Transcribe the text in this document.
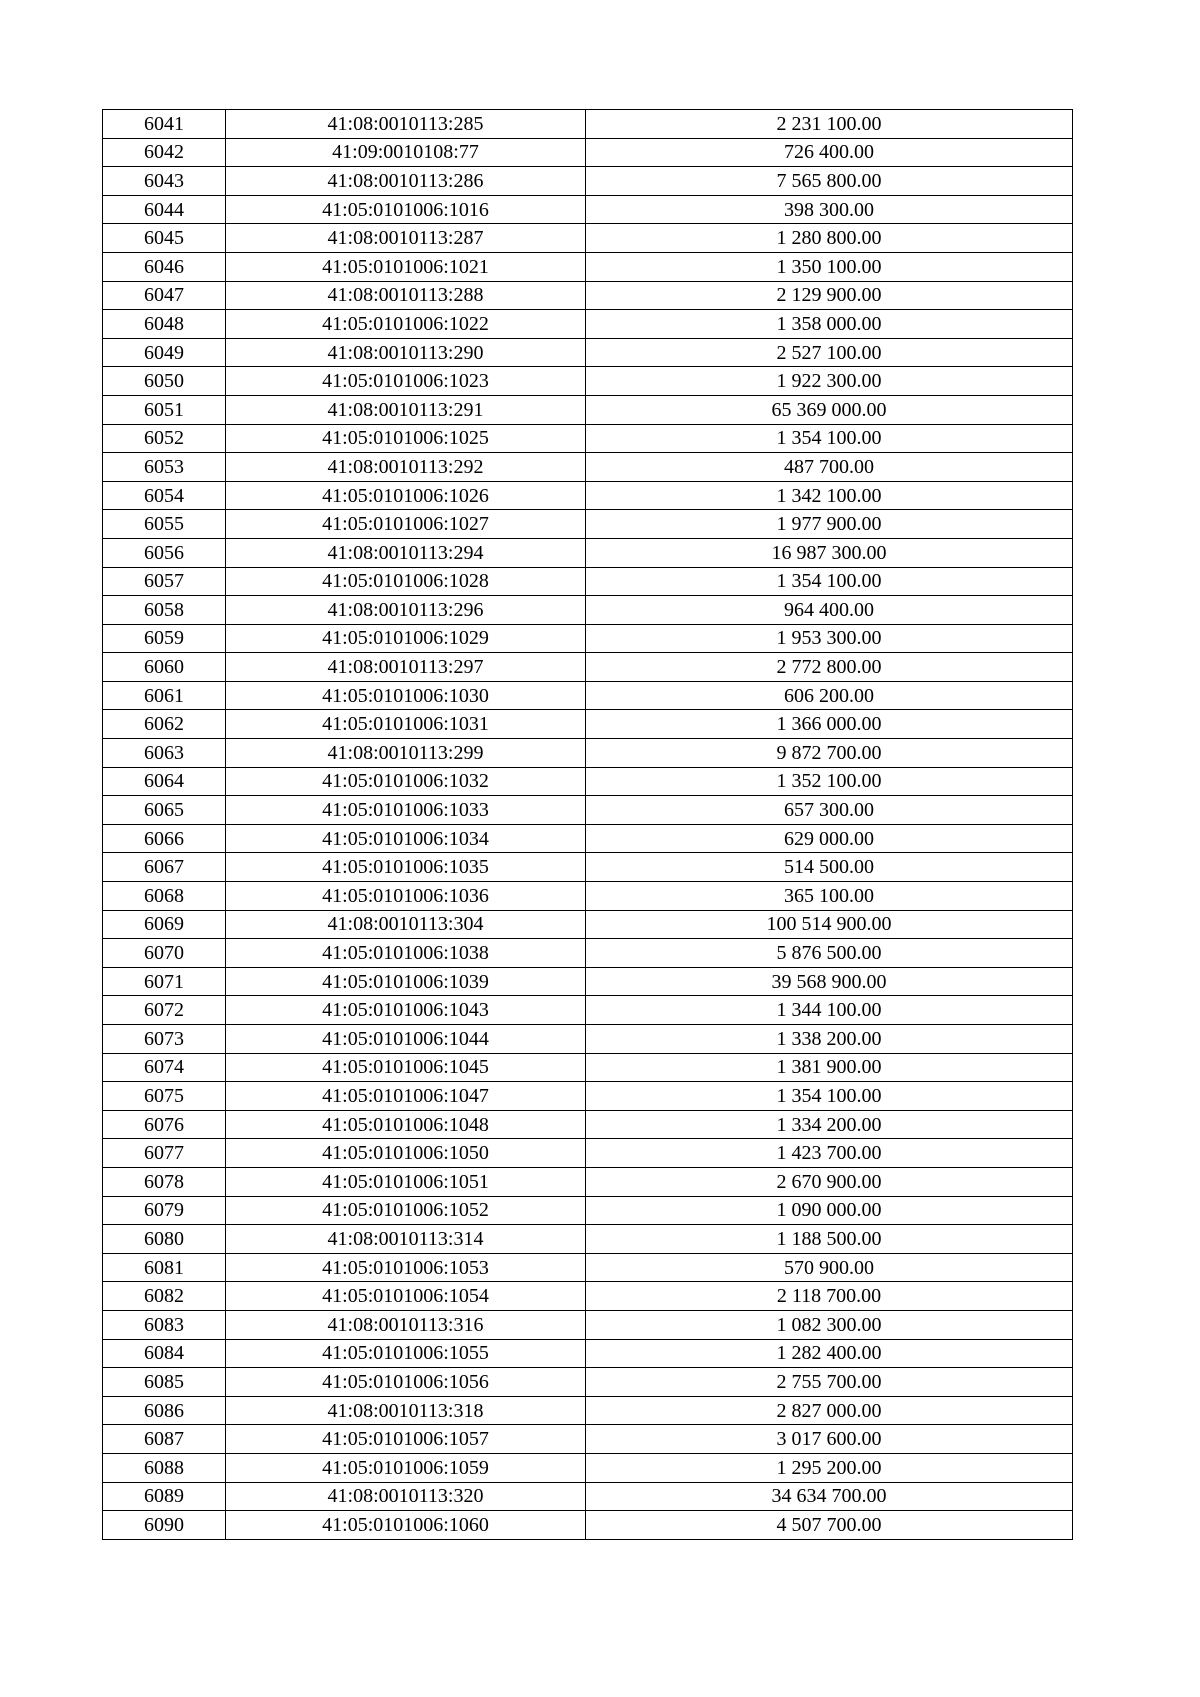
6041	41:08:0010113:285	2 231 100.00
6042	41:09:0010108:77	726 400.00
6043	41:08:0010113:286	7 565 800.00
6044	41:05:0101006:1016	398 300.00
6045	41:08:0010113:287	1 280 800.00
6046	41:05:0101006:1021	1 350 100.00
6047	41:08:0010113:288	2 129 900.00
6048	41:05:0101006:1022	1 358 000.00
6049	41:08:0010113:290	2 527 100.00
6050	41:05:0101006:1023	1 922 300.00
6051	41:08:0010113:291	65 369 000.00
6052	41:05:0101006:1025	1 354 100.00
6053	41:08:0010113:292	487 700.00
6054	41:05:0101006:1026	1 342 100.00
6055	41:05:0101006:1027	1 977 900.00
6056	41:08:0010113:294	16 987 300.00
6057	41:05:0101006:1028	1 354 100.00
6058	41:08:0010113:296	964 400.00
6059	41:05:0101006:1029	1 953 300.00
6060	41:08:0010113:297	2 772 800.00
6061	41:05:0101006:1030	606 200.00
6062	41:05:0101006:1031	1 366 000.00
6063	41:08:0010113:299	9 872 700.00
6064	41:05:0101006:1032	1 352 100.00
6065	41:05:0101006:1033	657 300.00
6066	41:05:0101006:1034	629 000.00
6067	41:05:0101006:1035	514 500.00
6068	41:05:0101006:1036	365 100.00
6069	41:08:0010113:304	100 514 900.00
6070	41:05:0101006:1038	5 876 500.00
6071	41:05:0101006:1039	39 568 900.00
6072	41:05:0101006:1043	1 344 100.00
6073	41:05:0101006:1044	1 338 200.00
6074	41:05:0101006:1045	1 381 900.00
6075	41:05:0101006:1047	1 354 100.00
6076	41:05:0101006:1048	1 334 200.00
6077	41:05:0101006:1050	1 423 700.00
6078	41:05:0101006:1051	2 670 900.00
6079	41:05:0101006:1052	1 090 000.00
6080	41:08:0010113:314	1 188 500.00
6081	41:05:0101006:1053	570 900.00
6082	41:05:0101006:1054	2 118 700.00
6083	41:08:0010113:316	1 082 300.00
6084	41:05:0101006:1055	1 282 400.00
6085	41:05:0101006:1056	2 755 700.00
6086	41:08:0010113:318	2 827 000.00
6087	41:05:0101006:1057	3 017 600.00
6088	41:05:0101006:1059	1 295 200.00
6089	41:08:0010113:320	34 634 700.00
6090	41:05:0101006:1060	4 507 700.00
